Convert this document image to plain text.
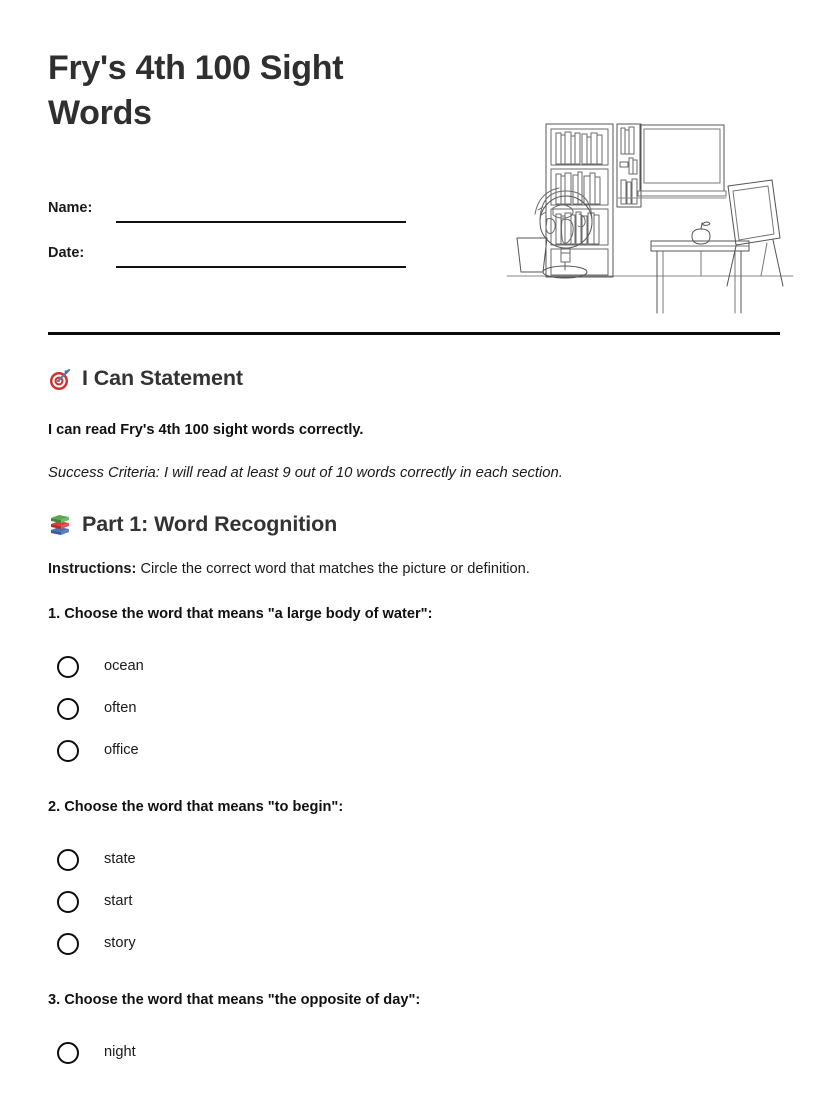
Fry's 4th 100 Sight Words
Name:
Date:
I Can Statement

I can read Fry's 4th 100 sight words correctly.

Success Criteria: I will read at least 9 out of 10 words correctly in each section.

Part 1: Word Recognition

Instructions: Circle the correct word that matches the picture or definition.

1. Choose the word that means "a large body of water":

ocean
often
office

2. Choose the word that means "to begin":

state
start
story

3. Choose the word that means "the opposite of day":

night
